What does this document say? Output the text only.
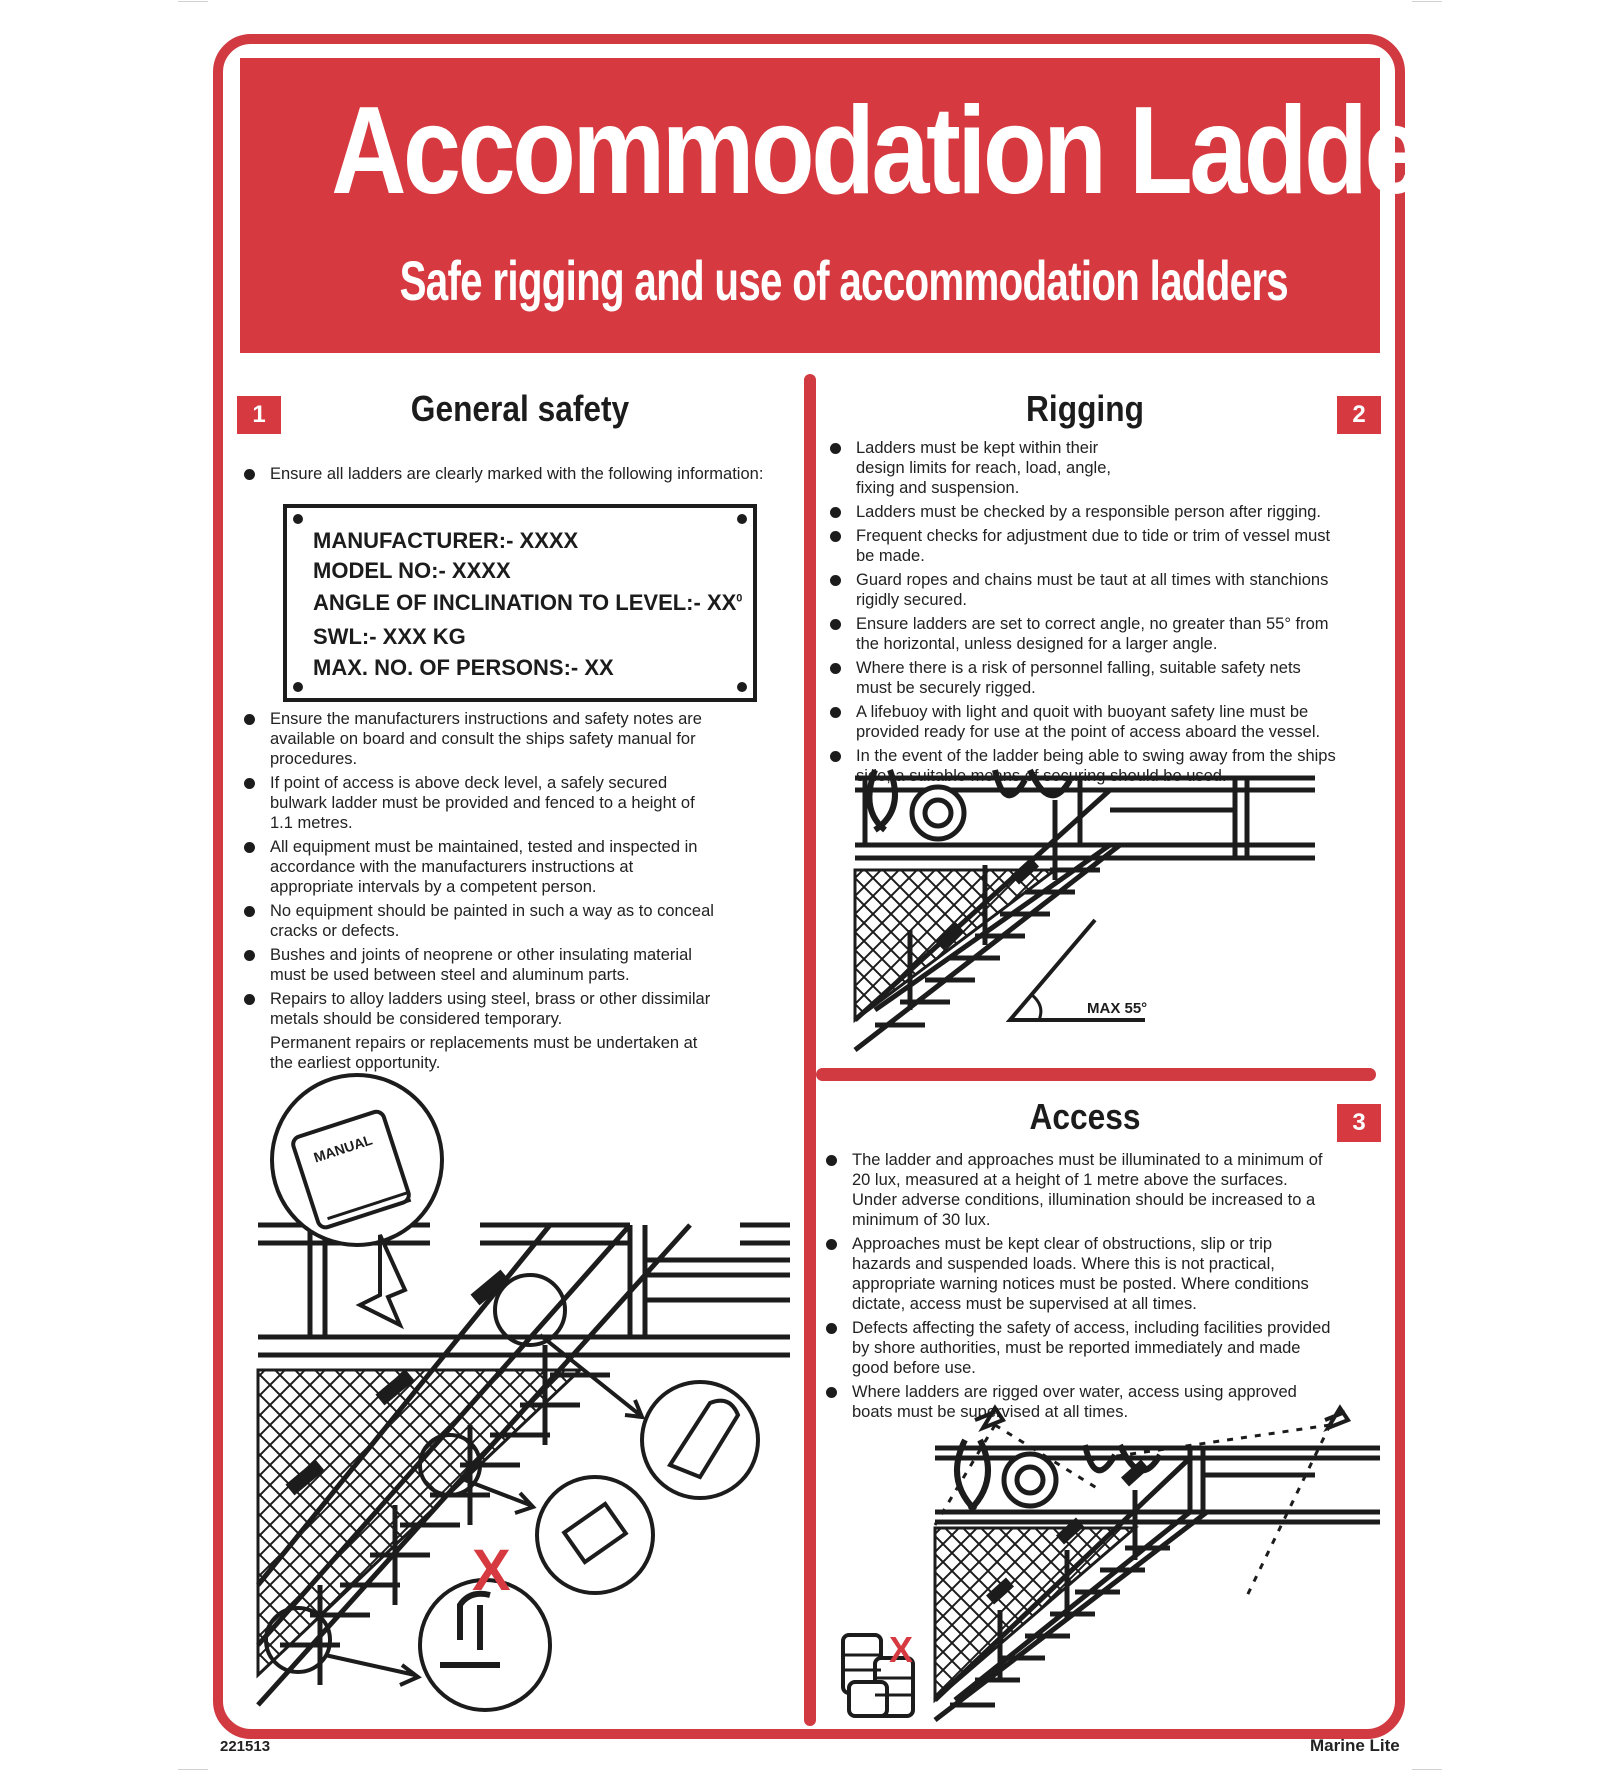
Accommodation Ladders
Safe rigging and use of accommodation ladders
1	General safety
Ensure all ladders are clearly marked with the following information:
MANUFACTURER:- XXXX
MODEL NO:- XXXX
ANGLE OF INCLINATION TO LEVEL:- $XX^0$
SWL:- XXX KG
MAX. NO. OF PERSONS:- XX
Ensure the manufacturers instructions and safety notes are available on board and consult the ships safety manual for procedures.
If point of access is above deck level, a safely secured bulwark ladder must be provided and fenced to a height of 1.1 metres.
All equipment must be maintained, tested and inspected in accordance with the manufacturers instructions at appropriate intervals by a competent person.
No equipment should be painted in such a way as to conceal cracks or defects.
Bushes and joints of neoprene or other insulating material must be used between steel and aluminum parts.
Repairs to alloy ladders using steel, brass or other dissimilar metals should be considered temporary.
Permanent repairs or replacements must be undertaken at the earliest opportunity.
MANUAL
X
Rigging	2
Ladders must be kept within their design limits for reach, load, angle, fixing and suspension.
Ladders must be checked by a responsible person after rigging.
Frequent checks for adjustment due to tide or trim of vessel must be made.
Guard ropes and chains must be taut at all times with stanchions rigidly secured.
Ensure ladders are set to correct angle, no greater than 55° from the horizontal, unless designed for a larger angle.
Where there is a risk of personnel falling, suitable safety nets must be securely rigged.
A lifebuoy with light and quoit with buoyant safety line must be provided ready for use at the point of access aboard the vessel.
In the event of the ladder being able to swing away from the ships side, a suitable means of securing should be used.
MAX 55°
Access	3
The ladder and approaches must be illuminated to a minimum of 20 lux, measured at a height of 1 metre above the surfaces. Under adverse conditions, illumination should be increased to a minimum of 30 lux.
Approaches must be kept clear of obstructions, slip or trip hazards and suspended loads. Where this is not practical, appropriate warning notices must be posted. Where conditions dictate, access must be supervised at all times.
Defects affecting the safety of access, including facilities provided by shore authorities, must be reported immediately and made good before use.
Where ladders are rigged over water, access using approved boats must be supervised at all times.
X
221513	Marine Lite
